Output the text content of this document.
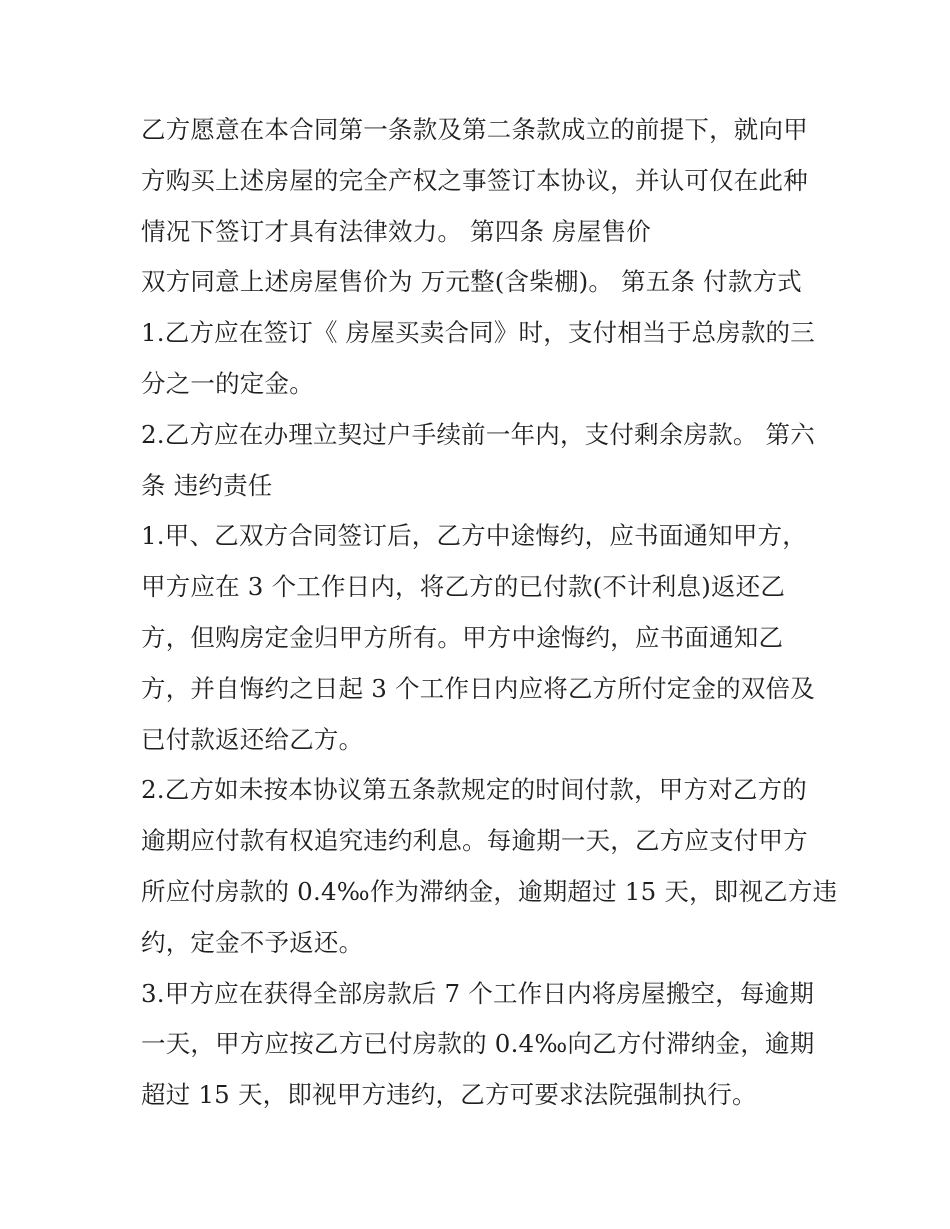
乙方愿意在本合同第一条款及第二条款成立的前提下，就向甲
方购买上述房屋的完全产权之事签订本协议，并认可仅在此种
情况下签订才具有法律效力。 第四条 房屋售价
双方同意上述房屋售价为 万元整(含柴棚)。 第五条 付款方式
1.乙方应在签订《 房屋买卖合同》时，支付相当于总房款的三
分之一的定金。
2.乙方应在办理立契过户手续前一年内，支付剩余房款。 第六
条 违约责任
1.甲、乙双方合同签订后，乙方中途悔约，应书面通知甲方，
甲方应在 3 个工作日内，将乙方的已付款(不计利息)返还乙
方，但购房定金归甲方所有。甲方中途悔约，应书面通知乙
方，并自悔约之日起 3 个工作日内应将乙方所付定金的双倍及
已付款返还给乙方。
2.乙方如未按本协议第五条款规定的时间付款，甲方对乙方的
逾期应付款有权追究违约利息。每逾期一天，乙方应支付甲方
所应付房款的 0.4‰作为滞纳金，逾期超过 15 天，即视乙方违
约，定金不予返还。
3.甲方应在获得全部房款后 7 个工作日内将房屋搬空，每逾期
一天，甲方应按乙方已付房款的 0.4‰向乙方付滞纳金，逾期
超过 15 天，即视甲方违约，乙方可要求法院强制执行。
